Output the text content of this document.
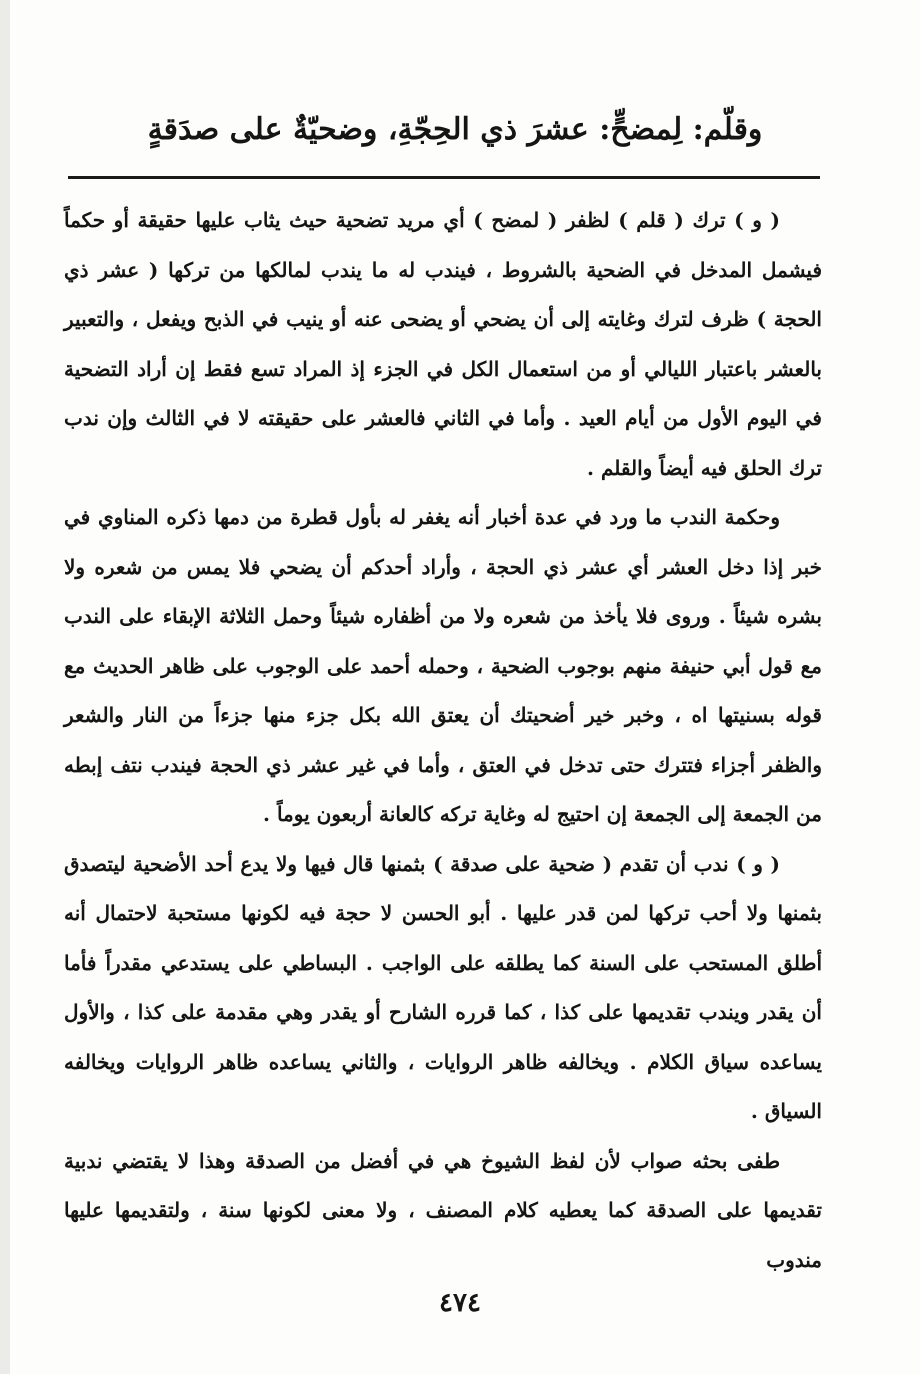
وقلّم: لِمضحٍّ: عشرَ ذي الحِجّةِ، وضحيّةٌ على صدَقةٍ

( و ) ترك ( قلم ) لظفر ( لمضح ) أي مريد تضحية حيث يثاب عليها حقيقة أو حكماً فيشمل المدخل في الضحية بالشروط ، فيندب له ما يندب لمالكها من تركها ( عشر ذي الحجة ) ظرف لترك وغايته إلى أن يضحي أو يضحى عنه أو ينيب في الذبح ويفعل ، والتعبير بالعشر باعتبار الليالي أو من استعمال الكل في الجزء إذ المراد تسع فقط إن أراد التضحية في اليوم الأول من أيام العيد . وأما في الثاني فالعشر على حقيقته لا في الثالث وإن ندب ترك الحلق فيه أيضاً والقلم .

وحكمة الندب ما ورد في عدة أخبار أنه يغفر له بأول قطرة من دمها ذكره المناوي في خبر إذا دخل العشر أي عشر ذي الحجة ، وأراد أحدكم أن يضحي فلا يمس من شعره ولا بشره شيئاً . وروى فلا يأخذ من شعره ولا من أظفاره شيئاً وحمل الثلاثة الإبقاء على الندب مع قول أبي حنيفة منهم بوجوب الضحية ، وحمله أحمد على الوجوب على ظاهر الحديث مع قوله بسنيتها اه ، وخبر خير أضحيتك أن يعتق الله بكل جزء منها جزءاً من النار والشعر والظفر أجزاء فتترك حتى تدخل في العتق ، وأما في غير عشر ذي الحجة فيندب نتف إبطه من الجمعة إلى الجمعة إن احتيج له وغاية تركه كالعانة أربعون يوماً .

( و ) ندب أن تقدم ( ضحية على صدقة ) بثمنها قال فيها ولا يدع أحد الأضحية ليتصدق بثمنها ولا أحب تركها لمن قدر عليها . أبو الحسن لا حجة فيه لكونها مستحبة لاحتمال أنه أطلق المستحب على السنة كما يطلقه على الواجب . البساطي على يستدعي مقدراً فأما أن يقدر ويندب تقديمها على كذا ، كما قرره الشارح أو يقدر وهي مقدمة على كذا ، والأول يساعده سياق الكلام . ويخالفه ظاهر الروايات ، والثاني يساعده ظاهر الروايات ويخالفه السياق .

طفى بحثه صواب لأن لفظ الشيوخ هي في أفضل من الصدقة وهذا لا يقتضي ندبية تقديمها على الصدقة كما يعطيه كلام المصنف ، ولا معنى لكونها سنة ، ولتقديمها عليها مندوب

٤٧٤
